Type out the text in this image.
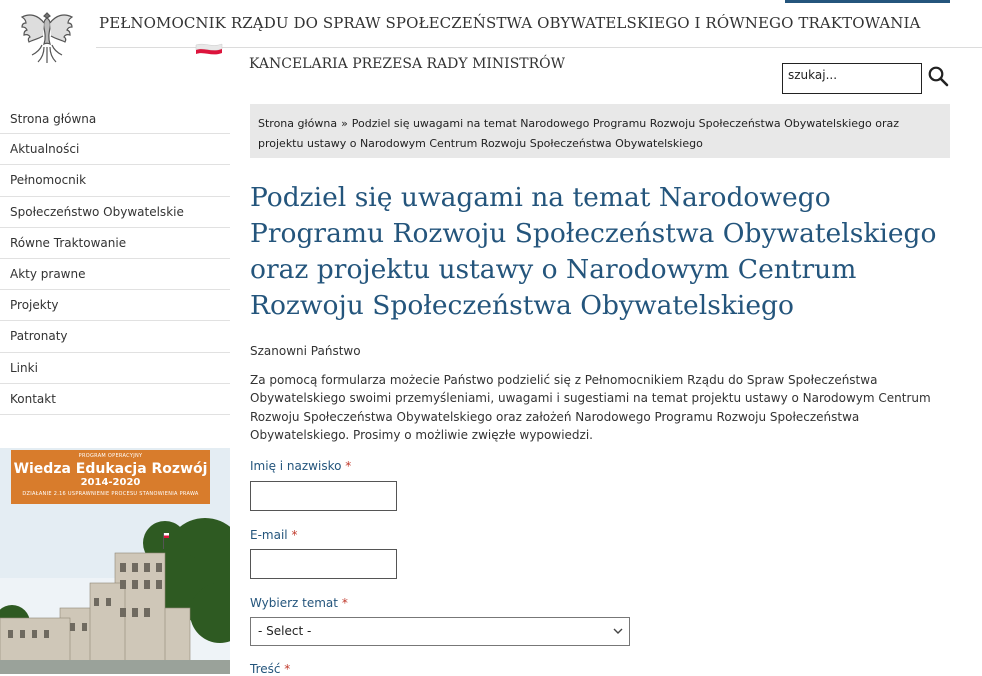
PEŁNOMOCNIK RZĄDU DO SPRAW SPOŁECZEŃSTWA OBYWATELSKIEGO I RÓWNEGO TRAKTOWANIA
KANCELARIA PREZESA RADY MINISTRÓW
szukaj...
Strona główna
Aktualności
Pełnomocnik
Społeczeństwo Obywatelskie
Równe Traktowanie
Akty prawne
Projekty
Patronaty
Linki
Kontakt
PROGRAM OPERACYJNY
Wiedza Edukacja Rozwój
2014-2020
DZIAŁANIE 2.16 USPRAWNIENIE PROCESU STANOWIENIA PRAWA
Strona główna » Podziel się uwagami na temat Narodowego Programu Rozwoju Społeczeństwa Obywatelskiego oraz projektu ustawy o Narodowym Centrum Rozwoju Społeczeństwa Obywatelskiego
Podziel się uwagami na temat Narodowego Programu Rozwoju Społeczeństwa Obywatelskiego oraz projektu ustawy o Narodowym Centrum Rozwoju Społeczeństwa Obywatelskiego
Szanowni Państwo
Za pomocą formularza możecie Państwo podzielić się z Pełnomocnikiem Rządu do Spraw Społeczeństwa Obywatelskiego swoimi przemyśleniami, uwagami i sugestiami na temat projektu ustawy o Narodowym Centrum Rozwoju Społeczeństwa Obywatelskiego oraz założeń Narodowego Programu Rozwoju Społeczeństwa Obywatelskiego. Prosimy o możliwie zwięzłe wypowiedzi.
Imię i nazwisko *
E-mail *
Wybierz temat *
- Select -
Treść *
